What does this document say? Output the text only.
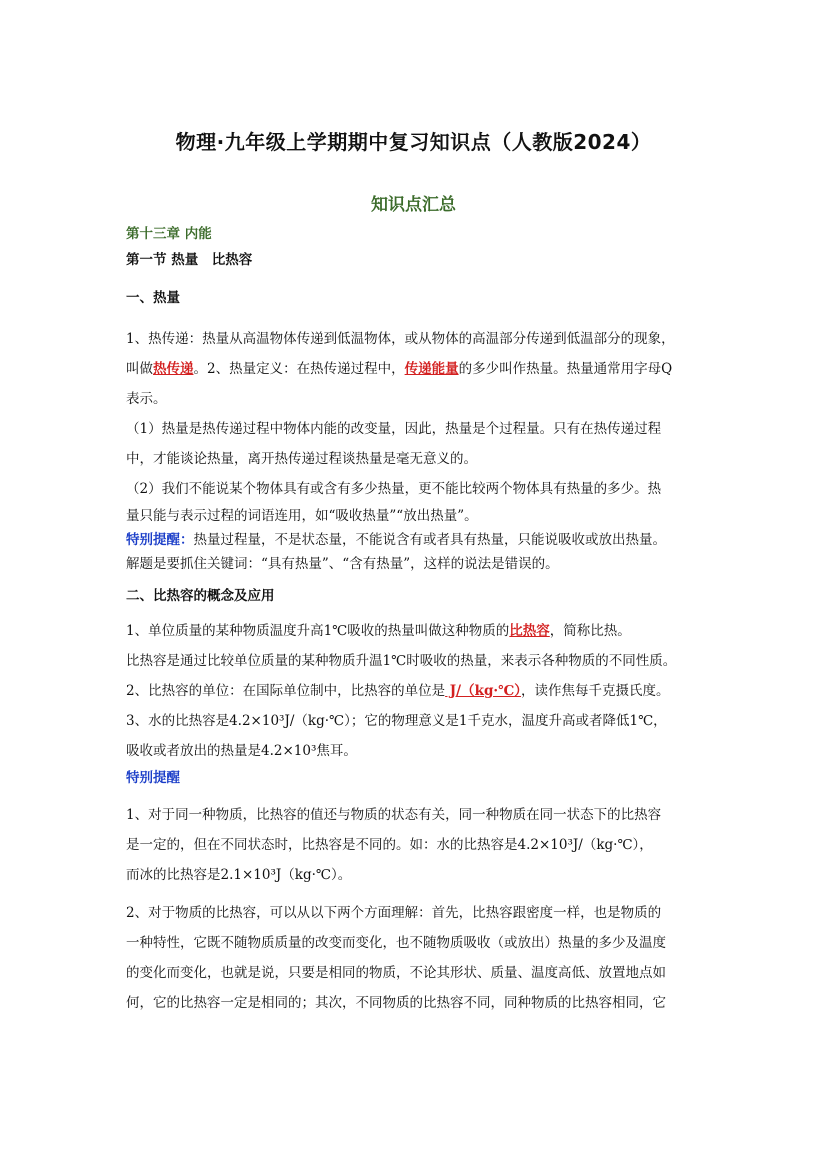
物理·九年级上学期期中复习知识点（人教版2024）
知识点汇总

第十三章 内能

第一节 热量　比热容

一、热量

1、热传递：热量从高温物体传递到低温物体，或从物体的高温部分传递到低温部分的现象，

叫做热传递。2、热量定义：在热传递过程中，传递能量的多少叫作热量。热量通常用字母Q

表示。

（1）热量是热传递过程中物体内能的改变量，因此，热量是个过程量。只有在热传递过程

中，才能谈论热量，离开热传递过程谈热量是毫无意义的。

（2）我们不能说某个物体具有或含有多少热量，更不能比较两个物体具有热量的多少。热

量只能与表示过程的词语连用，如“吸收热量”“放出热量”。

特别提醒：热量过程量，不是状态量，不能说含有或者具有热量，只能说吸收或放出热量。

解题是要抓住关键词：“具有热量”、“含有热量”，这样的说法是错误的。

二、比热容的概念及应用

1、单位质量的某种物质温度升高1℃吸收的热量叫做这种物质的比热容，简称比热。

比热容是通过比较单位质量的某种物质升温1℃时吸收的热量，来表示各种物质的不同性质。

2、比热容的单位：在国际单位制中，比热容的单位是 J/（kg·℃），读作焦每千克摄氏度。

3、水的比热容是4.2×10³J/（kg·℃）；它的物理意义是1千克水，温度升高或者降低1℃，

吸收或者放出的热量是4.2×10³焦耳。

特别提醒

1、对于同一种物质，比热容的值还与物质的状态有关，同一种物质在同一状态下的比热容

是一定的，但在不同状态时，比热容是不同的。如：水的比热容是4.2×10³J/（kg·℃），

而冰的比热容是2.1×10³J（kg·℃）。

2、对于物质的比热容，可以从以下两个方面理解：首先，比热容跟密度一样，也是物质的

一种特性，它既不随物质质量的改变而变化，也不随物质吸收（或放出）热量的多少及温度

的变化而变化，也就是说，只要是相同的物质，不论其形状、质量、温度高低、放置地点如

何，它的比热容一定是相同的；其次，不同物质的比热容不同，同种物质的比热容相同，它
